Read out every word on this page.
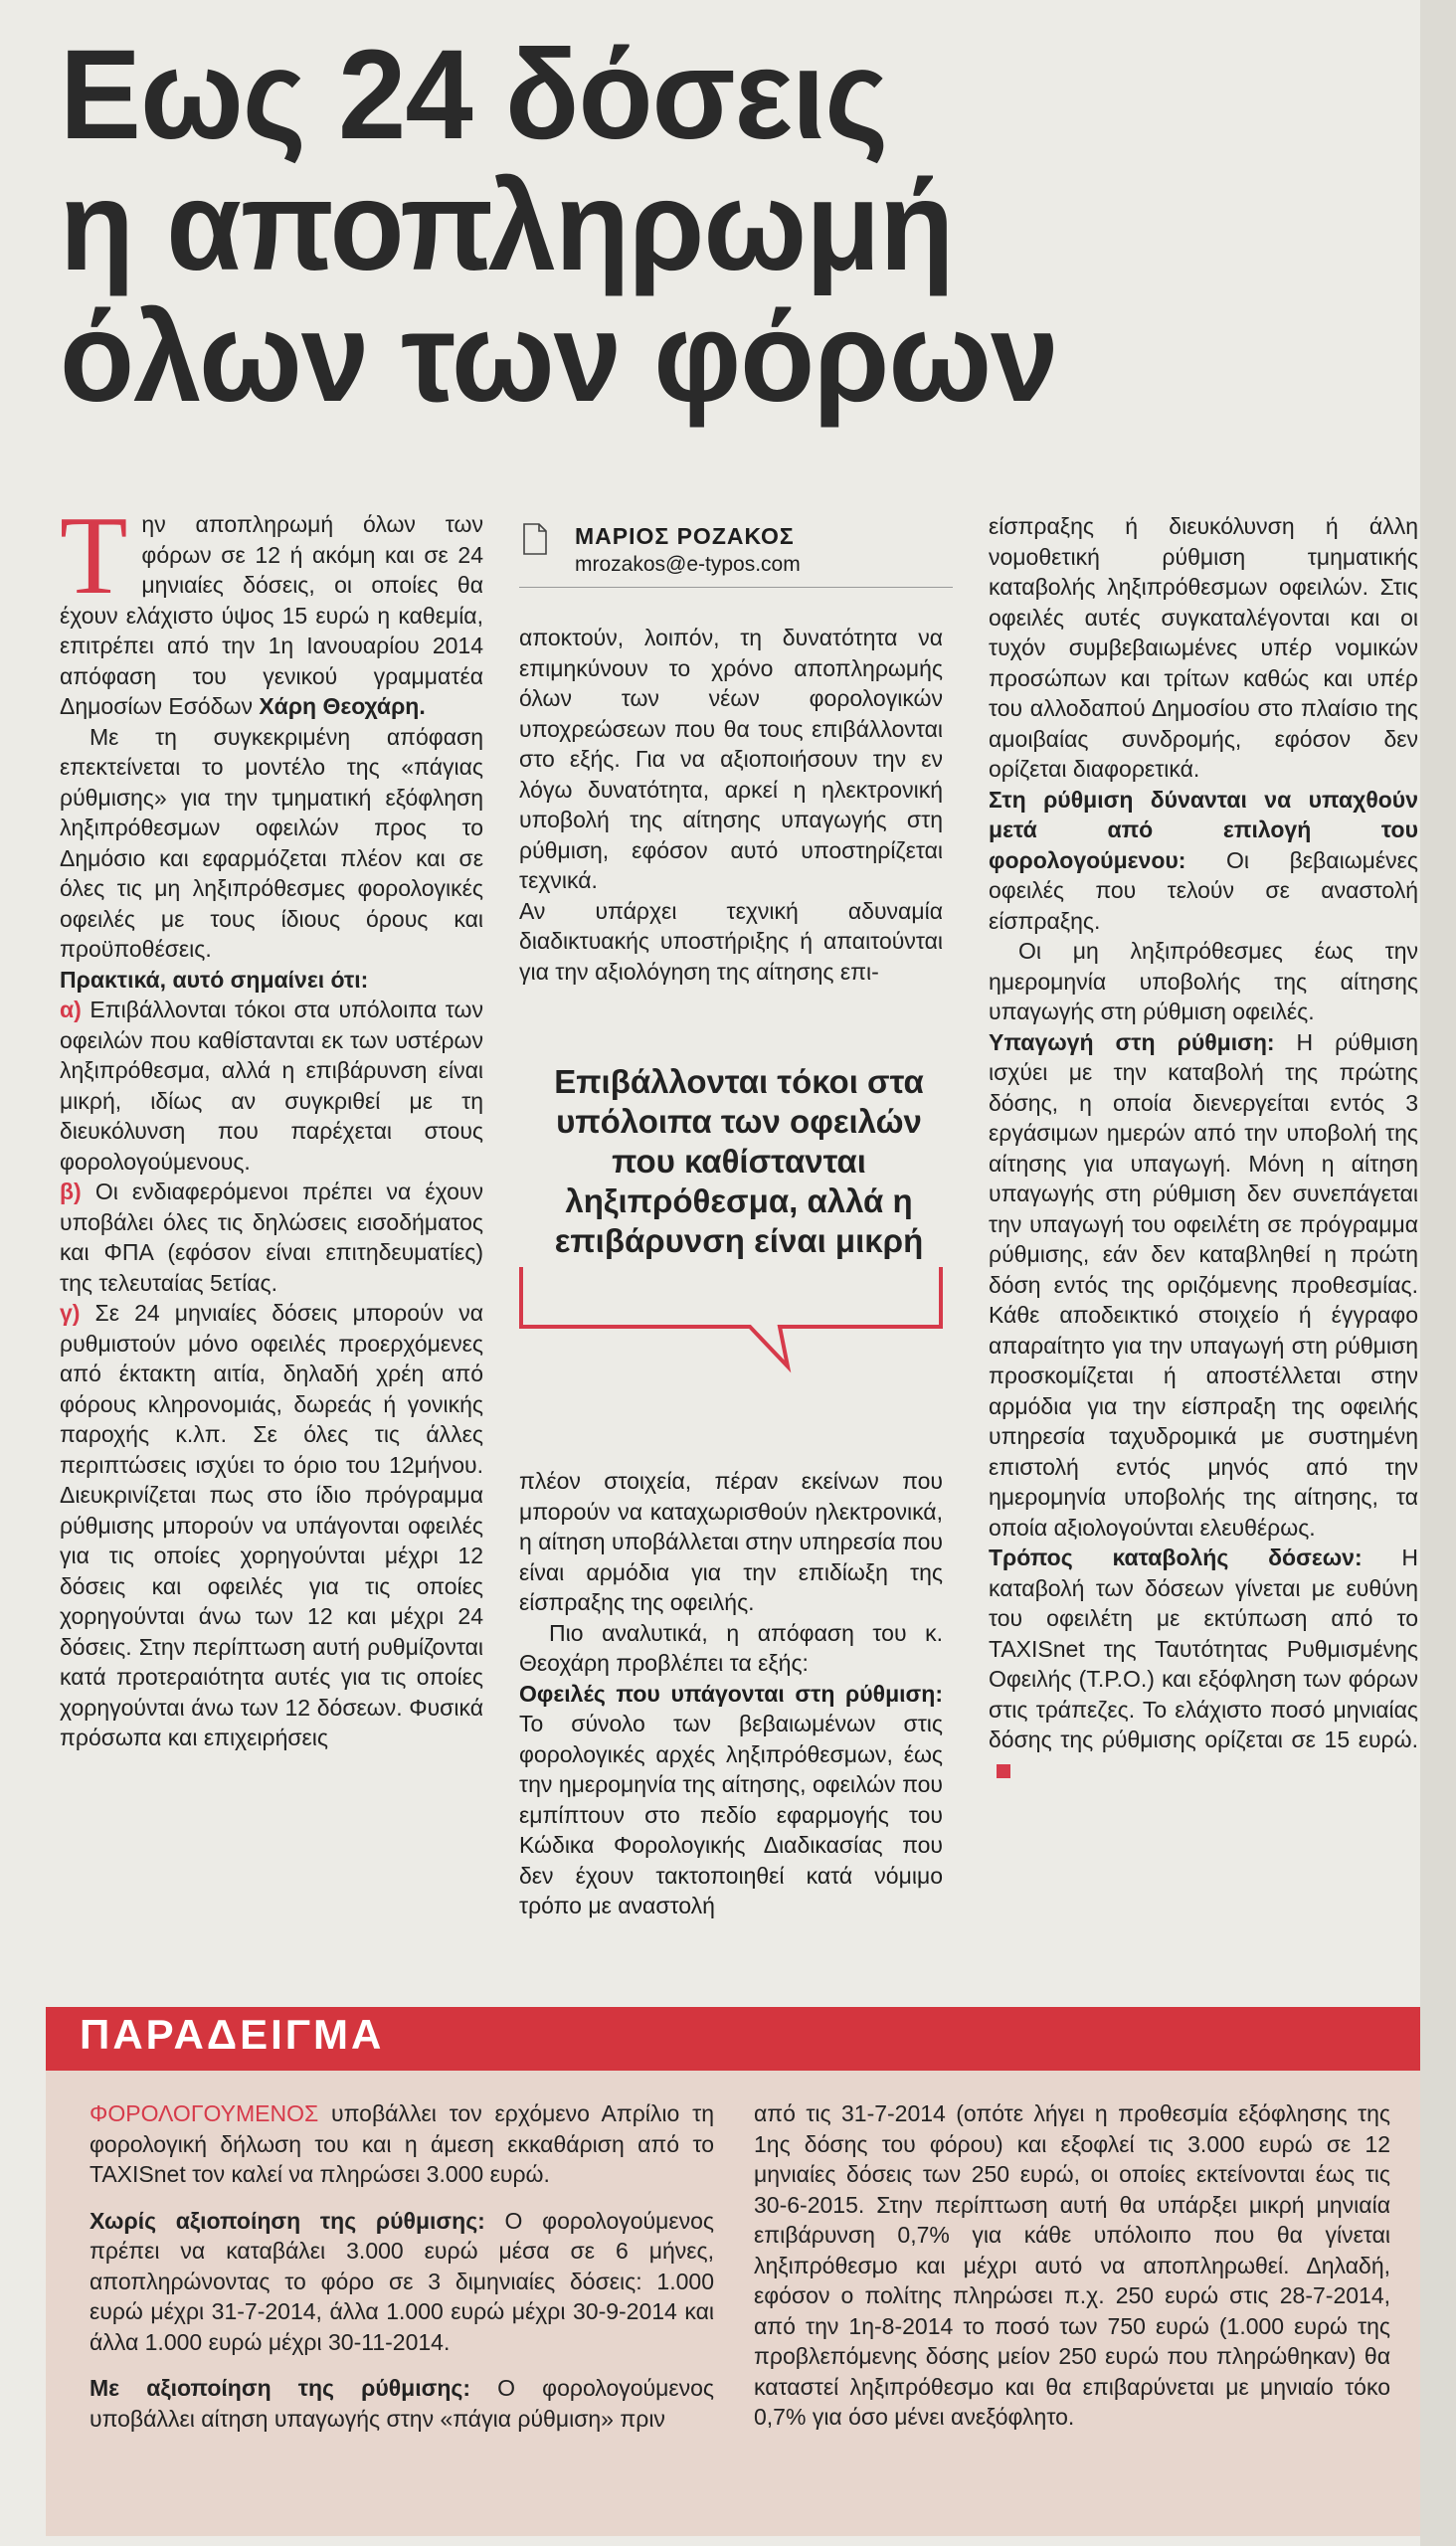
Εως 24 δόσεις
η αποπληρωμή
όλων των φόρων
Τ ην αποπληρωμή όλων των φόρων σε 12 ή ακόμη και σε 24 μηνιαίες δόσεις, οι οποίες θα έχουν ελάχιστο ύψος 15 ευρώ η καθεμία, επιτρέπει από την 1η Ιανουαρίου 2014 απόφαση του γενικού γραμματέα Δημοσίων Εσόδων Χάρη Θεοχάρη.

Με τη συγκεκριμένη απόφαση επεκτείνεται το μοντέλο της «πάγιας ρύθμισης» για την τμηματική εξόφληση ληξιπρόθεσμων οφειλών προς το Δημόσιο και εφαρμόζεται πλέον και σε όλες τις μη ληξιπρόθεσμες φορολογικές οφειλές με τους ίδιους όρους και προϋποθέσεις.

Πρακτικά, αυτό σημαίνει ότι:

α) Επιβάλλονται τόκοι στα υπόλοιπα των οφειλών που καθίστανται εκ των υστέρων ληξιπρόθεσμα, αλλά η επιβάρυνση είναι μικρή, ιδίως αν συγκριθεί με τη διευκόλυνση που παρέχεται στους φορολογούμενους.

β) Οι ενδιαφερόμενοι πρέπει να έχουν υποβάλει όλες τις δηλώσεις εισοδήματος και ΦΠΑ (εφόσον είναι επιτηδευματίες) της τελευταίας 5ετίας.

γ) Σε 24 μηνιαίες δόσεις μπορούν να ρυθμιστούν μόνο οφειλές προερχόμενες από έκτακτη αιτία, δηλαδή χρέη από φόρους κληρονομιάς, δωρεάς ή γονικής παροχής κ.λπ. Σε όλες τις άλλες περιπτώσεις ισχύει το όριο του 12μήνου. Διευκρινίζεται πως στο ίδιο πρόγραμμα ρύθμισης μπορούν να υπάγονται οφειλές για τις οποίες χορηγούνται μέχρι 12 δόσεις και οφειλές για τις οποίες χορηγούνται άνω των 12 και μέχρι 24 δόσεις. Στην περίπτωση αυτή ρυθμίζονται κατά προτεραιότητα αυτές για τις οποίες χορηγούνται άνω των 12 δόσεων. Φυσικά πρόσωπα και επιχειρήσεις

ΜΑΡΙΟΣ ΡΟΖΑΚΟΣ
mrozakos@e-typos.com

αποκτούν, λοιπόν, τη δυνατότητα να επιμηκύνουν το χρόνο αποπληρωμής όλων των νέων φορολογικών υποχρεώσεων που θα τους επιβάλλονται στο εξής. Για να αξιοποιήσουν την εν λόγω δυνατότητα, αρκεί η ηλεκτρονική υποβολή της αίτησης υπαγωγής στη ρύθμιση, εφόσον αυτό υποστηρίζεται τεχνικά.

Αν υπάρχει τεχνική αδυναμία διαδικτυακής υποστήριξης ή απαιτούνται για την αξιολόγηση της αίτησης επι-

Επιβάλλονται τόκοι στα υπόλοιπα των οφειλών που καθίστανται ληξιπρόθεσμα, αλλά η επιβάρυνση είναι μικρή

πλέον στοιχεία, πέραν εκείνων που μπορούν να καταχωρισθούν ηλεκτρονικά, η αίτηση υποβάλλεται στην υπηρεσία που είναι αρμόδια για την επιδίωξη της είσπραξης της οφειλής.

Πιο αναλυτικά, η απόφαση του κ. Θεοχάρη προβλέπει τα εξής:

Οφειλές που υπάγονται στη ρύθμιση: Το σύνολο των βεβαιωμένων στις φορολογικές αρχές ληξιπρόθεσμων, έως την ημερομηνία της αίτησης, οφειλών που εμπίπτουν στο πεδίο εφαρμογής του Κώδικα Φορολογικής Διαδικασίας που δεν έχουν τακτοποιηθεί κατά νόμιμο τρόπο με αναστολή

είσπραξης ή διευκόλυνση ή άλλη νομοθετική ρύθμιση τμηματικής καταβολής ληξιπρόθεσμων οφειλών. Στις οφειλές αυτές συγκαταλέγονται και οι τυχόν συμβεβαιωμένες υπέρ νομικών προσώπων και τρίτων καθώς και υπέρ του αλλοδαπού Δημοσίου στο πλαίσιο της αμοιβαίας συνδρομής, εφόσον δεν ορίζεται διαφορετικά.

Στη ρύθμιση δύνανται να υπαχθούν μετά από επιλογή του φορολογούμενου: Οι βεβαιωμένες οφειλές που τελούν σε αναστολή είσπραξης.

Οι μη ληξιπρόθεσμες έως την ημερομηνία υποβολής της αίτησης υπαγωγής στη ρύθμιση οφειλές.

Υπαγωγή στη ρύθμιση: Η ρύθμιση ισχύει με την καταβολή της πρώτης δόσης, η οποία διενεργείται εντός 3 εργάσιμων ημερών από την υποβολή της αίτησης για υπαγωγή. Μόνη η αίτηση υπαγωγής στη ρύθμιση δεν συνεπάγεται την υπαγωγή του οφειλέτη σε πρόγραμμα ρύθμισης, εάν δεν καταβληθεί η πρώτη δόση εντός της οριζόμενης προθεσμίας. Κάθε αποδεικτικό στοιχείο ή έγγραφο απαραίτητο για την υπαγωγή στη ρύθμιση προσκομίζεται ή αποστέλλεται στην αρμόδια για την είσπραξη της οφειλής υπηρεσία ταχυδρομικά με συστημένη επιστολή εντός μηνός από την ημερομηνία υποβολής της αίτησης, τα οποία αξιολογούνται ελευθέρως.

Τρόπος καταβολής δόσεων: Η καταβολή των δόσεων γίνεται με ευθύνη του οφειλέτη με εκτύπωση από το TAXISnet της Ταυτότητας Ρυθμισμένης Οφειλής (Τ.Ρ.Ο.) και εξόφληση των φόρων στις τράπεζες. Το ελάχιστο ποσό μηνιαίας δόσης της ρύθμισης ορίζεται σε 15 ευρώ.

ΠΑΡΑΔΕΙΓΜΑ

ΦΟΡΟΛΟΓΟΥΜΕΝΟΣ υποβάλλει τον ερχόμενο Απρίλιο τη φορολογική δήλωση του και η άμεση εκκαθάριση από το TAXISnet τον καλεί να πληρώσει 3.000 ευρώ.

Χωρίς αξιοποίηση της ρύθμισης: Ο φορολογούμενος πρέπει να καταβάλει 3.000 ευρώ μέσα σε 6 μήνες, αποπληρώνοντας το φόρο σε 3 διμηνιαίες δόσεις: 1.000 ευρώ μέχρι 31-7-2014, άλλα 1.000 ευρώ μέχρι 30-9-2014 και άλλα 1.000 ευρώ μέχρι 30-11-2014.

Με αξιοποίηση της ρύθμισης: Ο φορολογούμενος υποβάλλει αίτηση υπαγωγής στην «πάγια ρύθμιση» πριν

από τις 31-7-2014 (οπότε λήγει η προθεσμία εξόφλησης της 1ης δόσης του φόρου) και εξοφλεί τις 3.000 ευρώ σε 12 μηνιαίες δόσεις των 250 ευρώ, οι οποίες εκτείνονται έως τις 30-6-2015. Στην περίπτωση αυτή θα υπάρξει μικρή μηνιαία επιβάρυνση 0,7% για κάθε υπόλοιπο που θα γίνεται ληξιπρόθεσμο και μέχρι αυτό να αποπληρωθεί. Δηλαδή, εφόσον ο πολίτης πληρώσει π.χ. 250 ευρώ στις 28-7-2014, από την 1η-8-2014 το ποσό των 750 ευρώ (1.000 ευρώ της προβλεπόμενης δόσης μείον 250 ευρώ που πληρώθηκαν) θα καταστεί ληξιπρόθεσμο και θα επιβαρύνεται με μηνιαίο τόκο 0,7% για όσο μένει ανεξόφλητο.
